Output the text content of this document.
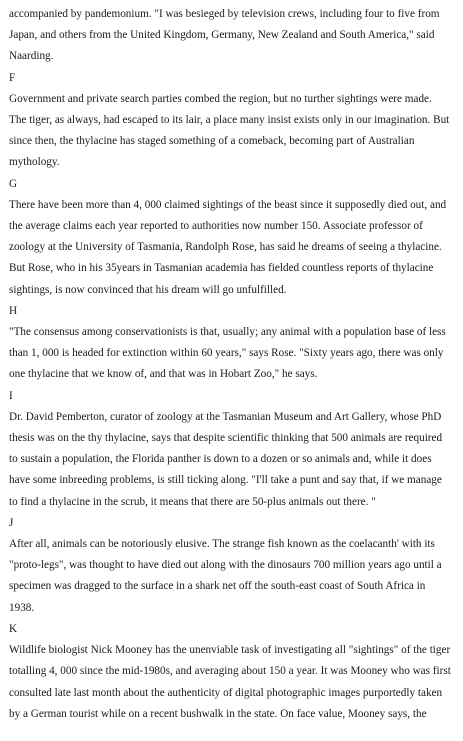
accompanied by pandemonium. "I was besieged by television crews, including four to five from
Japan, and others from the United Kingdom, Germany, New Zealand and South America," said
Naarding.

F

Government and private search parties combed the region, but no turther sightings were made.
The tiger, as always, had escaped to its lair, a place many insist exists only in our imagination. But
since then, the thylacine has staged something of a comeback, becoming part of Australian
mythology.

G

There have been more than 4, 000 claimed sightings of the beast since it supposedly died out, and
the average claims each year reported to authorities now number 150. Associate professor of
zoology at the University of Tasmania, Randolph Rose, has said he dreams of seeing a thylacine.
But Rose, who in his 35years in Tasmanian academia has fielded countless reports of thylacine
sightings, is now convinced that his dream will go unfulfilled.

H

"The consensus among conservationists is that, usually; any animal with a population base of less
than 1, 000 is headed for extinction within 60 years," says Rose. "Sixty years ago, there was only
one thylacine that we know of, and that was in Hobart Zoo," he says.

I

Dr. David Pemberton, curator of zoology at the Tasmanian Museum and Art Gallery, whose PhD
thesis was on the thy thylacine, says that despite scientific thinking that 500 animals are required
to sustain a population, the Florida panther is down to a dozen or so animals and, while it does
have some inbreeding problems, is still ticking along. "I'll take a punt and say that, if we manage
to find a thylacine in the scrub, it means that there are 50-plus animals out there. "

J

After all, animals can be notoriously elusive. The strange fish known as the coelacanth' with its
"proto-legs", was thought to have died out along with the dinosaurs 700 million years ago until a
specimen was dragged to the surface in a shark net off the south-east coast of South Africa in
1938.

K

Wildlife biologist Nick Mooney has the unenviable task of investigating all "sightings" of the tiger
totalling 4, 000 since the mid-1980s, and averaging about 150 a year. It was Mooney who was first
consulted late last month about the authenticity of digital photographic images purportedly taken
by a German tourist while on a recent bushwalk in the state. On face value, Mooney says, the
